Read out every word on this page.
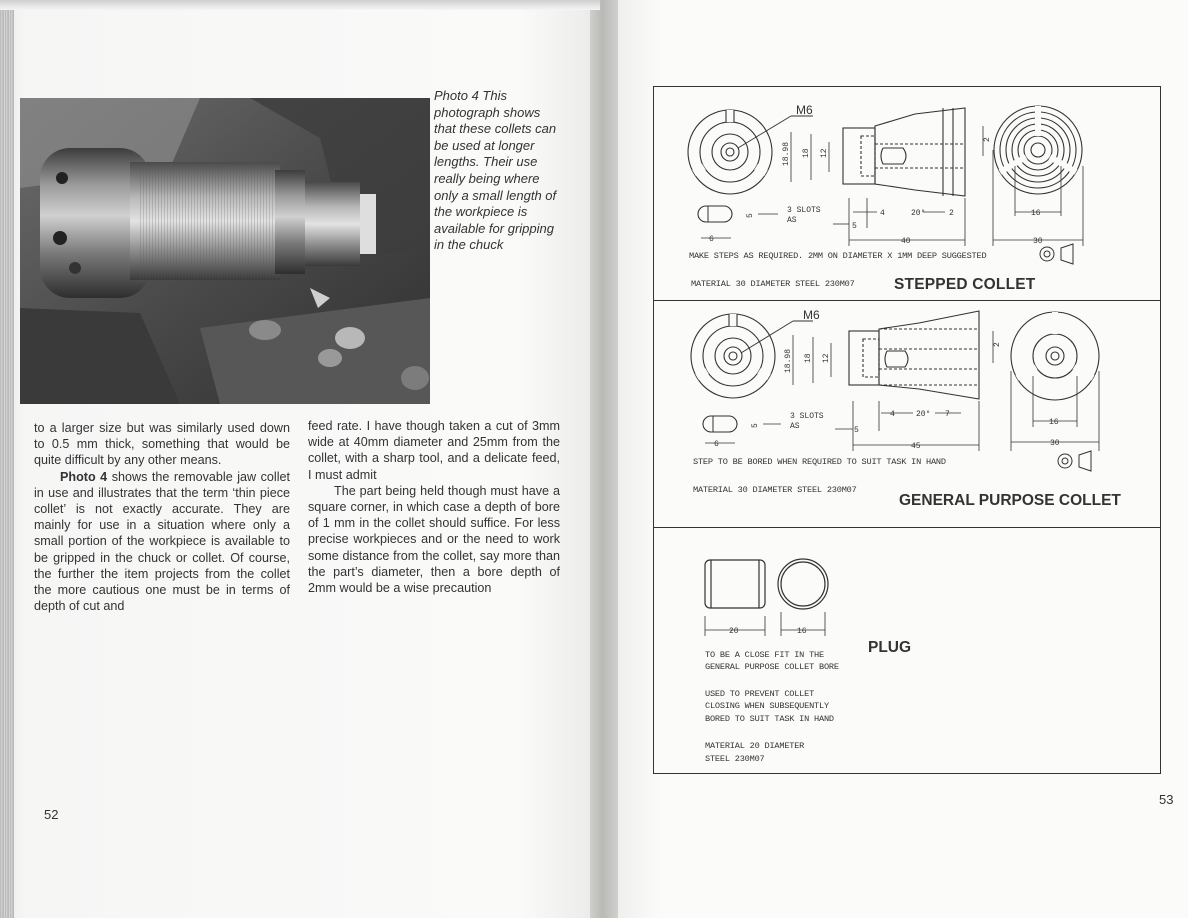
Photo 4 This photograph shows that these collets can be used at longer lengths. Their use really being where only a small length of the workpiece is available for gripping in the chuck

to a larger size but was similarly used down to 0.5 mm thick, something that would be quite difficult by any other means.

Photo 4 shows the removable jaw collet in use and illustrates that the term ‘thin piece collet’ is not exactly accurate. They are mainly for use in a situation where only a small portion of the workpiece is available to be gripped in the chuck or collet. Of course, the further the item projects from the collet the more cautious one must be in terms of depth of cut and

feed rate. I have though taken a cut of 3mm wide at 40mm diameter and 25mm from the collet, with a sharp tool, and a delicate feed, I must admit

The part being held though must have a square corner, in which case a depth of bore of 1 mm in the collet should suffice. For less precise workpieces and or the need to work some distance from the collet, say more than the part’s diameter, then a bore depth of 2mm would be a wise precaution

52
53
M6
18.98 18 12
5
3 SLOTS
AS
6
4	20°	2
5
40
16
30
2
MAKE STEPS AS REQUIRED. 2MM ON DIAMETER X 1MM DEEP SUGGESTED
MATERIAL 30 DIAMETER STEEL 230M07	STEPPED COLLET
M6
18.98 18 12
5
3 SLOTS
AS
6
4	20° 7
5
45
16
30
2
STEP TO BE BORED WHEN REQUIRED TO SUIT TASK IN HAND
MATERIAL 30 DIAMETER STEEL 230M07
GENERAL PURPOSE COLLET
20	16
PLUG
TO BE A CLOSE FIT IN THE
GENERAL PURPOSE COLLET BORE
USED TO PREVENT COLLET
CLOSING WHEN SUBSEQUENTLY
BORED TO SUIT TASK IN HAND
MATERIAL 20 DIAMETER
STEEL 230M07
